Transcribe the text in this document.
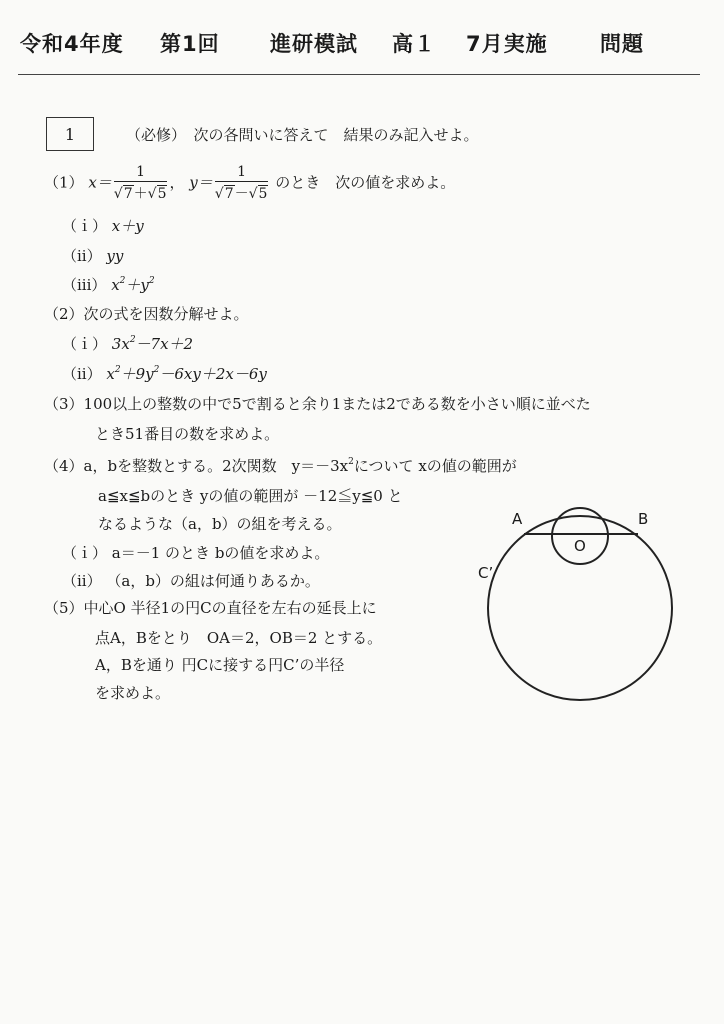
令和4年度 第1回 進研模試 高１ 7月実施 問題
1	（必修）　次の各問いに答えて　結果のみ記入せよ。
（1） $x= \frac{1}{√7+√5}$ ， $y= \frac{1}{√7-√5}$ のとき　次の値を求めよ。
（ｉ） x＋y
（ii） yy
（iii） $x^2+y^2$
（2）次の式を因数分解せよ。
（ｉ） $3x^2-7x+2$
（ii） $x^2+9y^2-6xy+2x-6y$
（3）100以上の整数の中で5で割ると余り1または2である数を小さい順に並べた
とき51番目の数を求めよ。
（4）a，bを整数とする。2次関数　$y=-3x^2$について xの値の範囲が
a≦x≦bのとき yの値の範囲が －12≦y≦0 と
なるような（a，b）の組を考える。
（ｉ） a＝－1 のとき bの値を求めよ。
（ii） （a，b）の組は何通りあるか。
（5）中心O 半径1の円Cの直径を左右の延長上に
点A，Bをとり　OA＝2，OB＝2 とする。
A，Bを通り 円Cに接する円C’の半径
を求めよ。
A	B
O
C’
